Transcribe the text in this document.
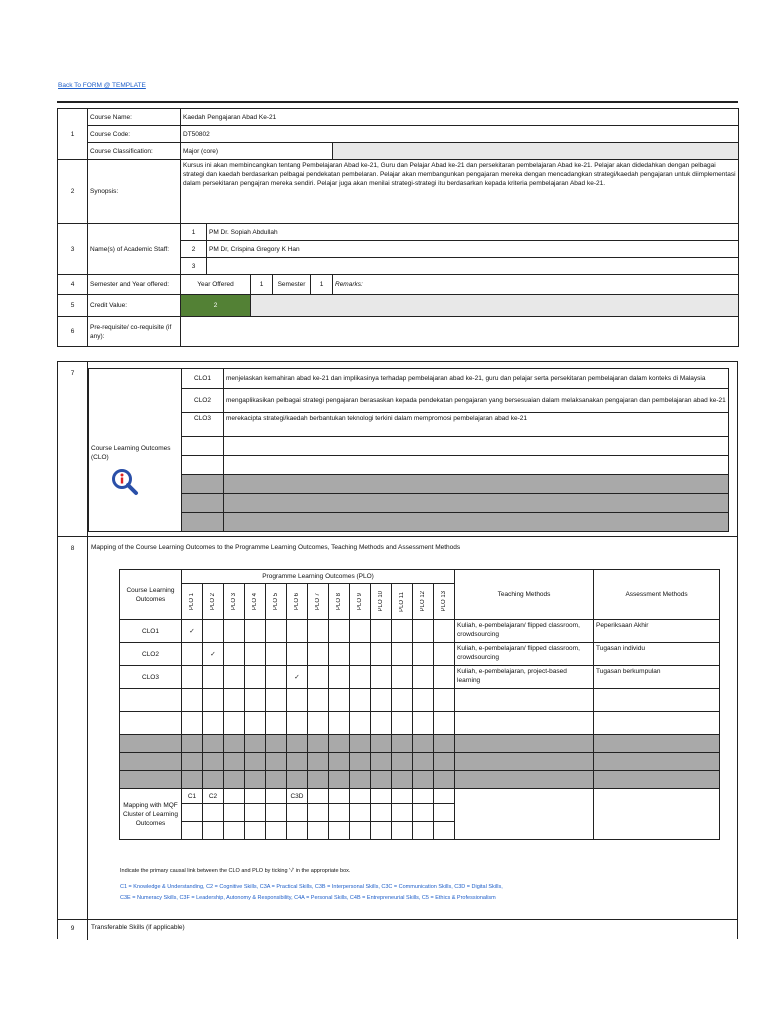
Back To FORM @ TEMPLATE
1	Course Name:	Kaedah Pengajaran Abad Ke-21					
	Course Code:	DT50802					
	Course Classification:	Major (core)					
2	Synopsis:	Kursus ini akan membincangkan tentang Pembelajaran Abad ke-21, Guru dan Pelajar Abad ke-21 dan persekitaran pembelajaran Abad ke-21. Pelajar akan didedahkan dengan pelbagai strategi dan kaedah berdasarkan pelbagai pendekatan pembelaran. Pelajar akan membangunkan pengajaran mereka dengan mencadangkan strategi/kaedah pengajaran untuk diimplementasi dalam persekitaran pengajran mereka sendiri. Pelajar juga akan menilai strategi-strategi itu berdasarkan kepada kriteria pembelajaran Abad ke-21.					
3	Name(s) of Academic Staff:	1	PM Dr. Sopiah Abdullah				
		2	PM Dr, Crispina Gregory K Han				
		3					
4	Semester and Year offered:	Year Offered		1	Semester	1	Remarks:
5	Credit Value:	2					
6	Pre-requisite/ co-requisite (if any):						
7
Course Learning Outcomes (CLO)	CLO1	menjelaskan kemahiran abad ke-21 dan implikasinya terhadap pembelajaran abad ke-21, guru dan pelajar serta persekitaran pembelajaran dalam konteks di Malaysia
	CLO2	mengaplikasikan pelbagai strategi pengajaran berasaskan kepada pendekatan pengajaran yang bersesuaian dalam melaksanakan pengajaran dan pembelajaran abad ke-21
	CLO3	merekacipta strategi/kaedah berbantukan teknologi terkini dalam mempromosi pembelajaran abad ke-21

8	Mapping of the Course Learning Outcomes to the Programme Learning Outcomes, Teaching Methods and Assessment Methods
Course Learning Outcomes	Programme Learning Outcomes (PLO)													Teaching Methods	Assessment Methods

	PLO 1	PLO 2	PLO 3	PLO 4	PLO 5	PLO 6	PLO 7	PLO 8	PLO 9	PLO 10	PLO 11	PLO 12	PLO 13		

CLO1	✓													Kuliah, e-pembelajaran/ flipped classroom, crowdsourcing	Peperiksaan Akhir
CLO2		✓												Kuliah, e-pembelajaran/ flipped classroom, crowdsourcing	Tugasan individu
CLO3						✓								Kuliah, e-pembelajaran, project-based learning	Tugasan berkumpulan

Mapping with MQF Cluster of Learning Outcomes	C1	C2				C3D									

Indicate the primary causal link between the CLO and PLO by ticking '√' in the appropriate box.
C1 = Knowledge & Understanding, C2 = Cognitive Skills, C3A = Practical Skills, C3B = Interpersonal Skills, C3C = Communication Skills, C3D = Digital Skills,
C3E = Numeracy Skills, C3F = Leadership, Autonomy & Responsibility, C4A = Personal Skills, C4B = Entrepreneurial Skills, C5 = Ethics & Professionalism
9	Transferable Skills (if applicable)
